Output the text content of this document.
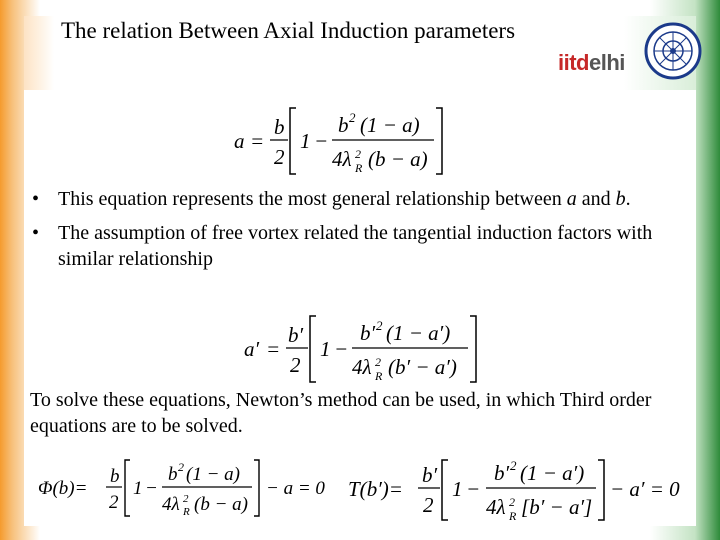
The relation Between Axial Induction parameters
iitdelhi
a =
b
2
1 −
b 2 (1 − a)
4λ 2
R (b − a)
• This equation represents the most general relationship between a and b.
• The assumption of free vortex related the tangential induction factors with similar relationship
a′ =
b′
2
1 −
b′ 2 (1 − a′)
4λ 2
R (b′ − a′)
To solve these equations, Newton’s method can be used, in which Third order equations are to be solved.
Φ(b)=
b
2
1 −
b 2 (1 − a)
4λ 2
R (b − a)
− a = 0 T(b′)=
b′
2
1 −
b′ 2 (1 − a′)
4λ 2
R [b′ − a′]
− a′ = 0
